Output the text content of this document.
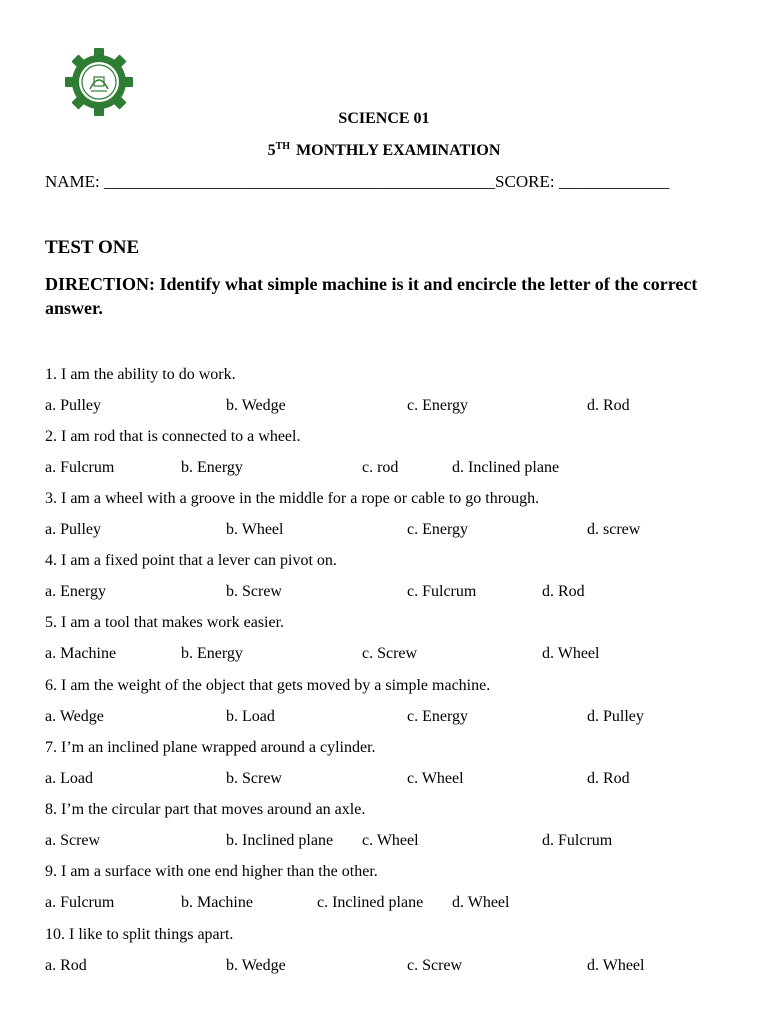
SCIENCE 01
5TH MONTHLY EXAMINATION
NAME: ______________________________________________SCORE: _____________
TEST ONE
DIRECTION: Identify what simple machine is it and encircle the letter of the correct answer.
1. I am the ability to do work.
a. Pulley	b. Wedge	c. Energy	d. Rod
2. I am rod that is connected to a wheel.
a. Fulcrum	b. Energy	c. rod	d. Inclined plane
3. I am a wheel with a groove in the middle for a rope or cable to go through.
a. Pulley	b. Wheel	c. Energy	d. screw
4. I am a fixed point that a lever can pivot on.
a. Energy	b. Screw	c. Fulcrum	d. Rod
5. I am a tool that makes work easier.
a. Machine	b. Energy	c. Screw	d. Wheel
6. I am the weight of the object that gets moved by a simple machine.
a. Wedge	b. Load	c. Energy	d. Pulley
7. I’m an inclined plane wrapped around a cylinder.
a. Load	b. Screw	c. Wheel	d. Rod
8. I’m the circular part that moves around an axle.
a. Screw	b. Inclined plane c. Wheel	d. Fulcrum
9. I am a surface with one end higher than the other.
a. Fulcrum	b. Machine	c. Inclined plane d. Wheel
10. I like to split things apart.
a. Rod	b. Wedge	c. Screw	d. Wheel
